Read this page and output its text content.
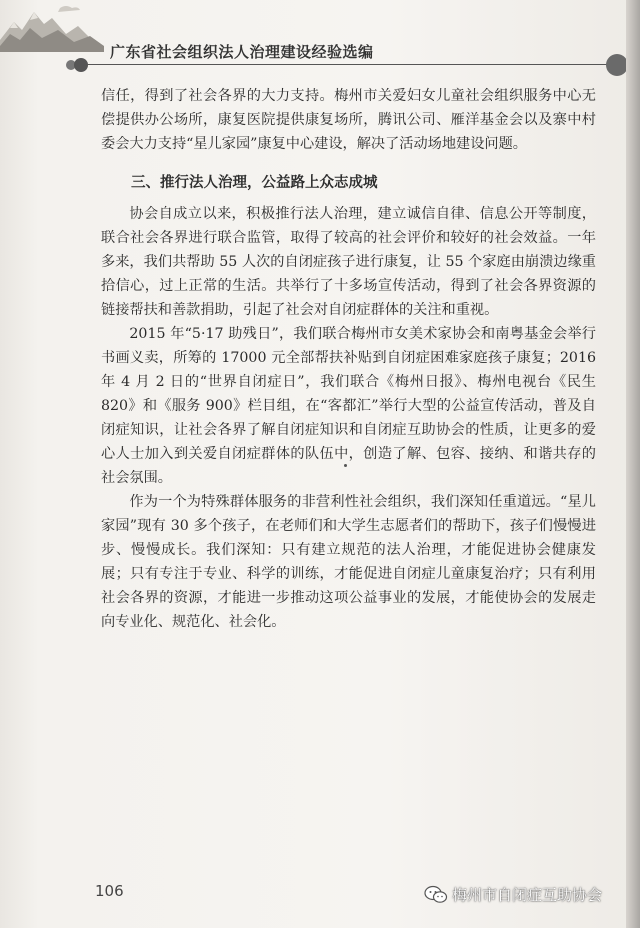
广东省社会组织法人治理建设经验选编

信任，得到了社会各界的大力支持。梅州市关爱妇女儿童社会组织服务中心无偿提供办公场所，康复医院提供康复场所，腾讯公司、雁洋基金会以及寨中村委会大力支持“星儿家园”康复中心建设，解决了活动场地建设问题。

三、推行法人治理，公益路上众志成城

协会自成立以来，积极推行法人治理，建立诚信自律、信息公开等制度，联合社会各界进行联合监管，取得了较高的社会评价和较好的社会效益。一年多来，我们共帮助 55 人次的自闭症孩子进行康复，让 55 个家庭由崩溃边缘重拾信心，过上正常的生活。共举行了十多场宣传活动，得到了社会各界资源的链接帮扶和善款捐助，引起了社会对自闭症群体的关注和重视。

2015 年“5·17 助残日”，我们联合梅州市女美术家协会和南粤基金会举行书画义卖，所筹的 17000 元全部帮扶补贴到自闭症困难家庭孩子康复；2016 年 4 月 2 日的“世界自闭症日”，我们联合《梅州日报》、梅州电视台《民生 820》和《服务 900》栏目组，在“客都汇”举行大型的公益宣传活动，普及自闭症知识，让社会各界了解自闭症知识和自闭症互助协会的性质，让更多的爱心人士加入到关爱自闭症群体的队伍中，创造了解、包容、接纳、和谐共存的社会氛围。

作为一个为特殊群体服务的非营利性社会组织，我们深知任重道远。“星儿家园”现有 30 多个孩子，在老师们和大学生志愿者们的帮助下，孩子们慢慢进步、慢慢成长。我们深知：只有建立规范的法人治理，才能促进协会健康发展；只有专注于专业、科学的训练，才能促进自闭症儿童康复治疗；只有利用社会各界的资源，才能进一步推动这项公益事业的发展，才能使协会的发展走向专业化、规范化、社会化。

106	梅州市自闭症互助协会
